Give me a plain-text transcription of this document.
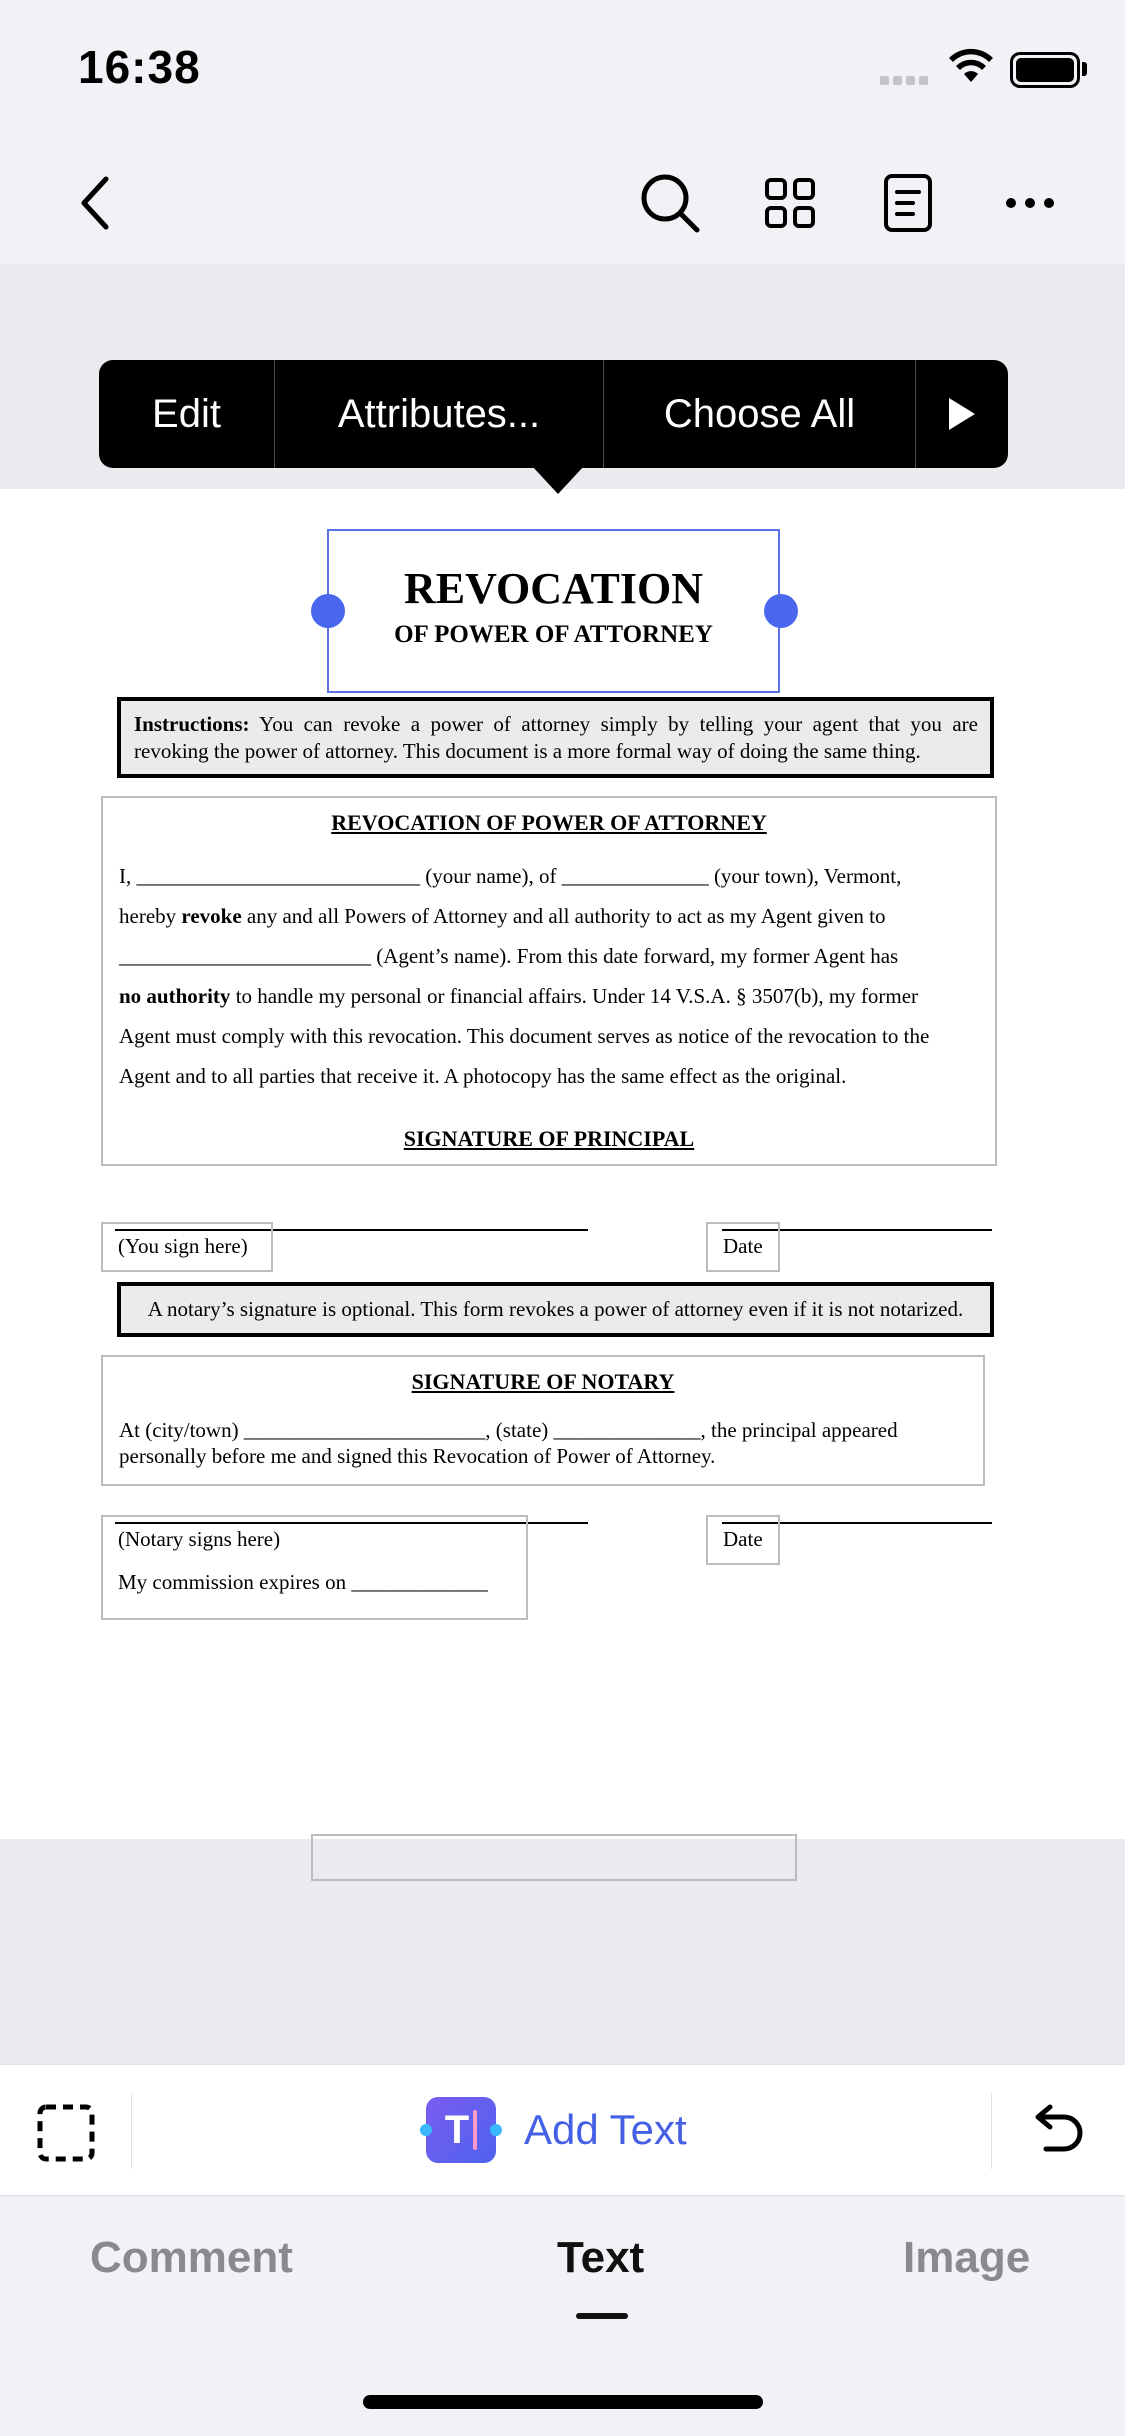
16:38
Edit	Attributes...	Choose All
REVOCATION
OF POWER OF ATTORNEY
Instructions: You can revoke a power of attorney simply by telling your agent that you are revoking the power of attorney. This document is a more formal way of doing the same thing.
REVOCATION OF POWER OF ATTORNEY
I, ___________________________ (your name), of ______________ (your town), Vermont,
hereby revoke any and all Powers of Attorney and all authority to act as my Agent given to
________________________ (Agent’s name). From this date forward, my former Agent has
no authority to handle my personal or financial affairs. Under 14 V.S.A. § 3507(b), my former
Agent must comply with this revocation. This document serves as notice of the revocation to the
Agent and to all parties that receive it. A photocopy has the same effect as the original.
SIGNATURE OF PRINCIPAL
(You sign here)	Date
A notary’s signature is optional. This form revokes a power of attorney even if it is not notarized.
SIGNATURE OF NOTARY
At (city/town) _______________________, (state) ______________, the principal appeared personally before me and signed this Revocation of Power of Attorney.
(Notary signs here)
My commission expires on _____________
Date
T	Add Text
Comment	Text	Image
